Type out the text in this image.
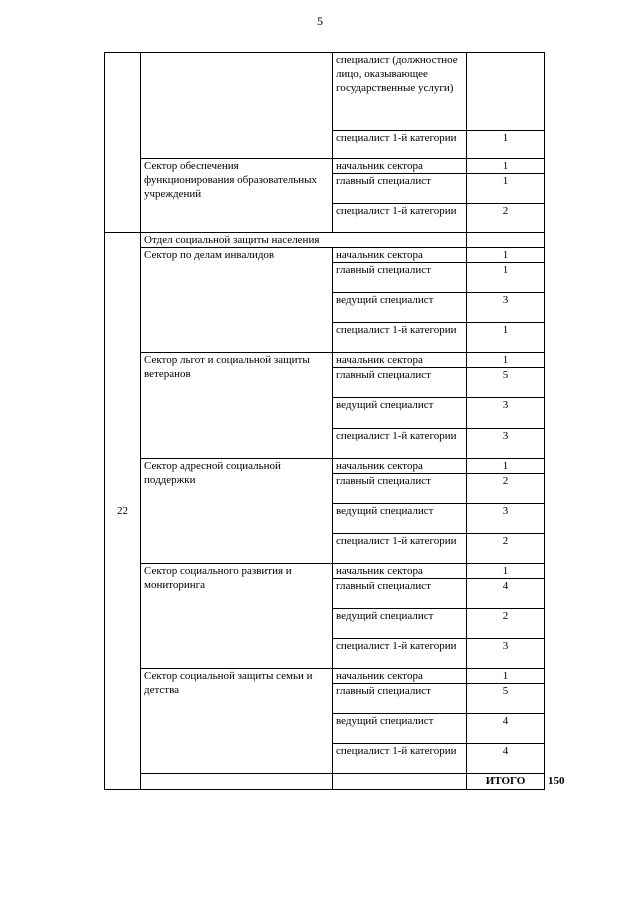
5
		специалист (должностное лицо, оказывающее государственные услуги)		
		специалист 1-й категории	1	
	Сектор обеспечения функционирования образовательных учреждений	начальник сектора	1	
		главный специалист	1	
		специалист 1-й категории	2	
22	Отдел социальной защиты населения			
	Сектор по делам инвалидов	начальник сектора	1	
		главный специалист	1	
		ведущий специалист	3	
		специалист 1-й категории	1	
	Сектор льгот и социальной защиты ветеранов	начальник сектора	1	
		главный специалист	5	
		ведущий специалист	3	
		специалист 1-й категории	3	
	Сектор адресной социальной поддержки	начальник сектора	1	
		главный специалист	2	
		ведущий специалист	3	
		специалист 1-й категории	2	
	Сектор социального развития и мониторинга	начальник сектора	1	
		главный специалист	4	
		ведущий специалист	2	
		специалист 1-й категории	3	
	Сектор социальной защиты семьи и детства	начальник сектора	1	
		главный специалист	5	
		ведущий специалист	4	
		специалист 1-й категории	4	
			ИТОГО	150
